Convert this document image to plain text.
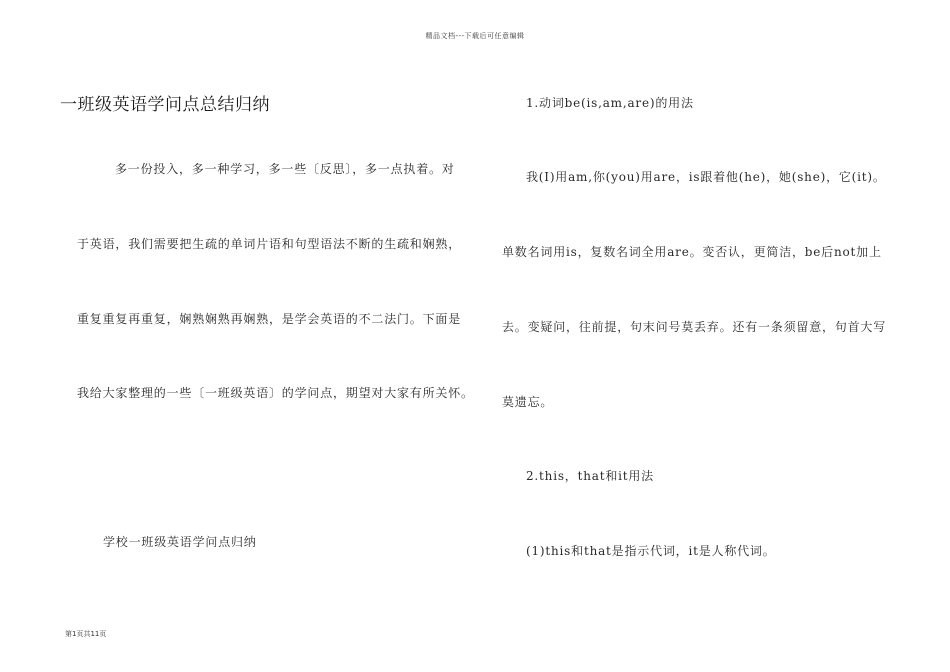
精品文档---下载后可任意编辑
一班级英语学问点总结归纳
多一份投入，多一种学习，多一些〔反思〕，多一点执着。对
于英语，我们需要把生疏的单词片语和句型语法不断的生疏和娴熟，
重复重复再重复，娴熟娴熟再娴熟，是学会英语的不二法门。下面是
我给大家整理的一些〔一班级英语〕的学问点，期望对大家有所关怀。
学校一班级英语学问点归纳
1.动词be(is,am,are)的用法
我(I)用am,你(you)用are，is跟着他(he)，她(she)，它(it)。
单数名词用is，复数名词全用are。变否认，更简洁，be后not加上
去。变疑问，往前提，句末问号莫丢弃。还有一条须留意，句首大写
莫遗忘。
2.this，that和it用法
(1)this和that是指示代词，it是人称代词。
第1页共11页
